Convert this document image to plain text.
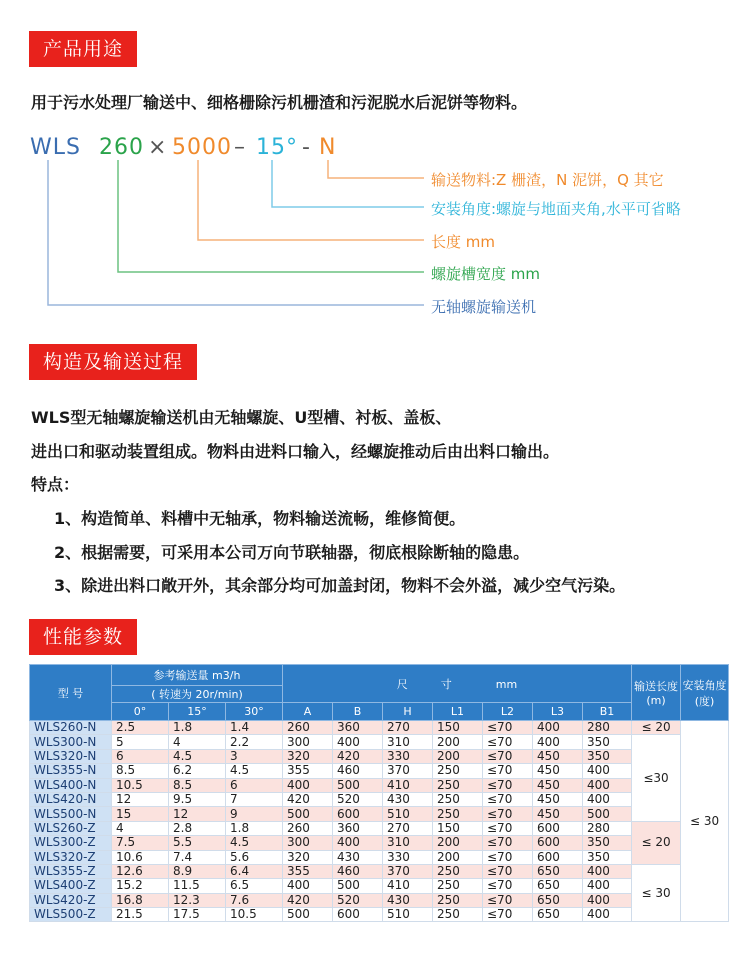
产品用途
用于污水处理厂输送中、细格栅除污机栅渣和污泥脱水后泥饼等物料。
WLS 260 × 5000 – 15° - N
输送物料:Z 栅渣，N 泥饼，Q 其它
安装角度:螺旋与地面夹角,水平可省略
长度 mm
螺旋槽宽度 mm
无轴螺旋输送机
构造及输送过程
WLS型无轴螺旋输送机由无轴螺旋、U型槽、衬板、盖板、
进出口和驱动装置组成。物料由进料口输入，经螺旋推动后由出料口输出。
特点：
1、构造简单、料槽中无轴承，物料输送流畅，维修简便。
2、根据需要，可采用本公司万向节联轴器，彻底根除断轴的隐患。
3、除进出料口敞开外，其余部分均可加盖封闭，物料不会外溢，减少空气污染。
性能参数
型 号	参考输送量 m3/h			尺　　　寸　　　　mm							输送长度(m)	安装角度(度)
	( 转速为 20r/min)											
	0°	15°	30°	A	B	H	L1	L2	L3	B1		
WLS260-N	2.5	1.8	1.4	260	360	270	150	≤70	400	280	≤ 20	≤ 30
WLS300-N	5	4	2.2	300	400	310	200	≤70	400	350	≤30	
WLS320-N	6	4.5	3	320	420	330	200	≤70	450	350		
WLS355-N	8.5	6.2	4.5	355	460	370	250	≤70	450	400		
WLS400-N	10.5	8.5	6	400	500	410	250	≤70	450	400		
WLS420-N	12	9.5	7	420	520	430	250	≤70	450	400		
WLS500-N	15	12	9	500	600	510	250	≤70	450	500		
WLS260-Z	4	2.8	1.8	260	360	270	150	≤70	600	280	≤ 20	
WLS300-Z	7.5	5.5	4.5	300	400	310	200	≤70	600	350		
WLS320-Z	10.6	7.4	5.6	320	430	330	200	≤70	600	350		
WLS355-Z	12.6	8.9	6.4	355	460	370	250	≤70	650	400	≤ 30	
WLS400-Z	15.2	11.5	6.5	400	500	410	250	≤70	650	400		
WLS420-Z	16.8	12.3	7.6	420	520	430	250	≤70	650	400		
WLS500-Z	21.5	17.5	10.5	500	600	510	250	≤70	650	400		
